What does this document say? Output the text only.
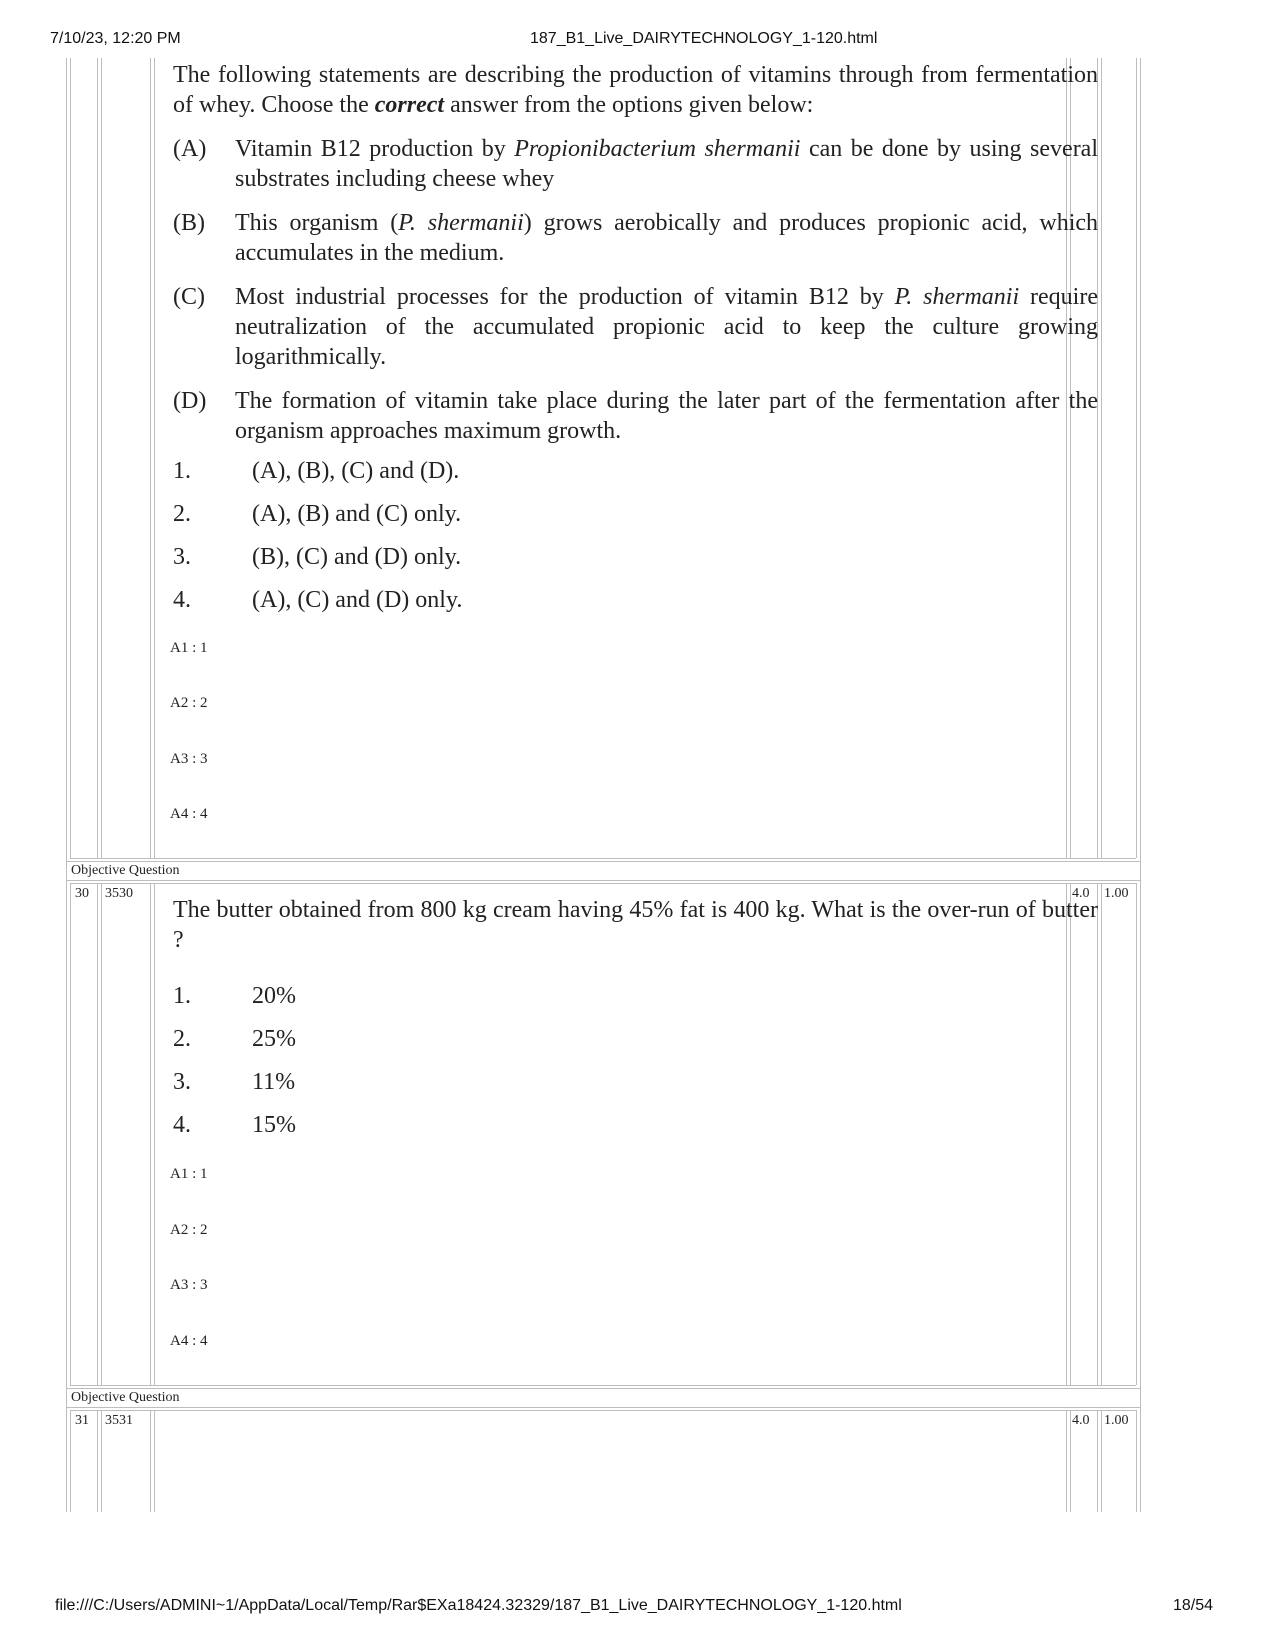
7/10/23, 12:20 PM	187_B1_Live_DAIRYTECHNOLOGY_1-120.html

The following statements are describing the production of vitamins through from fermentation of whey. Choose the correct answer from the options given below:

(A)	Vitamin B12 production by Propionibacterium shermanii can be done by using several substrates including cheese whey
(B)	This organism (P. shermanii) grows aerobically and produces propionic acid, which accumulates in the medium.
(C)	Most industrial processes for the production of vitamin B12 by P. shermanii require neutralization of the accumulated propionic acid to keep the culture growing logarithmically.
(D)	The formation of vitamin take place during the later part of the fermentation after the organism approaches maximum growth.
1.	(A), (B), (C) and (D).
2.	(A), (B) and (C) only.
3.	(B), (C) and (D) only.
4.	(A), (C) and (D) only.
A1 : 1
A2 : 2
A3 : 3
A4 : 4
Objective Question
30 3530	4.0 1.00

The butter obtained from 800 kg cream having 45% fat is 400 kg. What is the over-run of butter ?

1.	20%
2.	25%
3.	11%
4.	15%
A1 : 1
A2 : 2
A3 : 3
A4 : 4
Objective Question
31 3531	4.0 1.00
file:///C:/Users/ADMINI~1/AppData/Local/Temp/Rar$EXa18424.32329/187_B1_Live_DAIRYTECHNOLOGY_1-120.html	18/54
